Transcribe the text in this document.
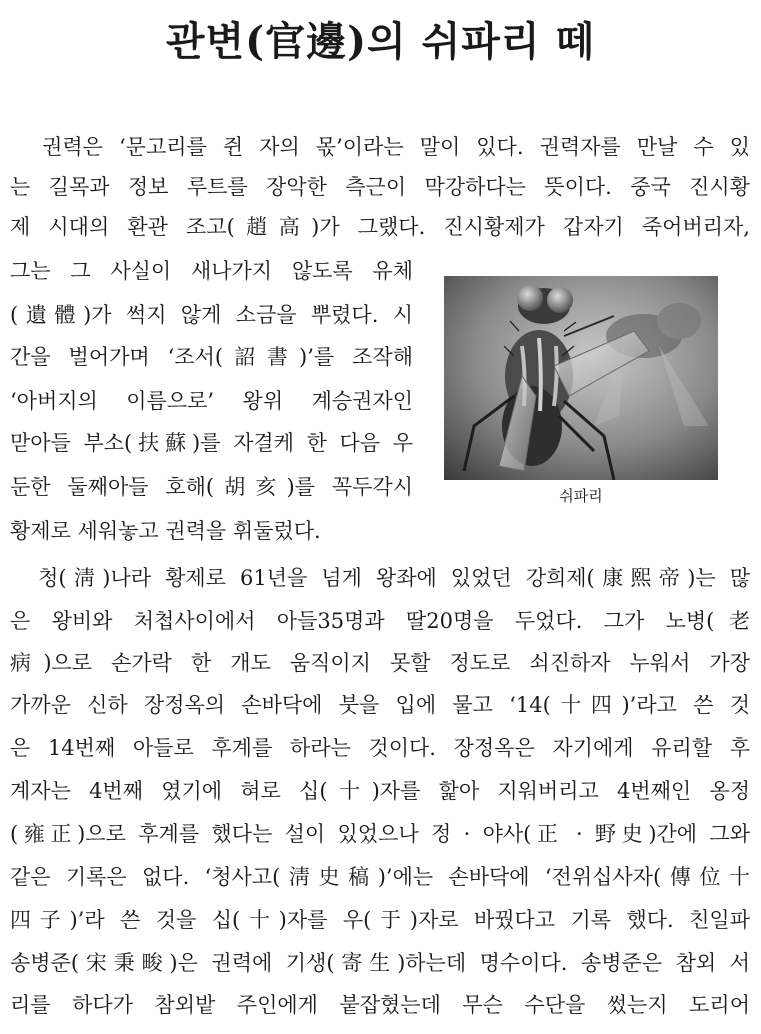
관변(官邊)의 쉬파리 떼
권력은 ‘문고리를 쥔 자의 몫’이라는 말이 있다. 권력자를 만날 수 있
는 길목과 정보 루트를 장악한 측근이 막강하다는 뜻이다. 중국 진시황
제 시대의 환관 조고(趙高)가 그랬다. 진시황제가 갑자기 죽어버리자,
그는 그 사실이 새나가지 않도록 유체
(遺體)가 썩지 않게 소금을 뿌렸다. 시
간을 벌어가며 ‘조서(詔書)’를 조작해
‘아버지의 이름으로’ 왕위 계승권자인
맏아들 부소(扶蘇)를 자결케 한 다음 우
둔한 둘째아들 호해(胡亥)를 꼭두각시
황제로 세워놓고 권력을 휘둘렀다.
청(淸)나라 황제로 61년을 넘게 왕좌에 있었던 강희제(康熙帝)는 많
은 왕비와 처첩사이에서 아들35명과 딸20명을 두었다. 그가 노병(老
病)으로 손가락 한 개도 움직이지 못할 정도로 쇠진하자 누워서 가장
가까운 신하 장정옥의 손바닥에 붓을 입에 물고 ‘14(十四)’라고 쓴 것
은 14번째 아들로 후계를 하라는 것이다. 장정옥은 자기에게 유리할 후
계자는 4번째 였기에 혀로 십(十)자를 핥아 지워버리고 4번째인 옹정
(雍正)으로 후계를 했다는 설이 있었으나 정 · 야사(正 · 野史)간에 그와
같은 기록은 없다. ‘청사고(淸史稿)’에는 손바닥에 ‘전위십사자(傳位十
四子)’라 쓴 것을 십(十)자를 우(于)자로 바꿨다고 기록 했다. 친일파
송병준(宋秉畯)은 권력에 기생(寄生)하는데 명수이다. 송병준은 참외 서
리를 하다가 참외밭 주인에게 붙잡혔는데 무슨 수단을 썼는지 도리어
쉬파리
